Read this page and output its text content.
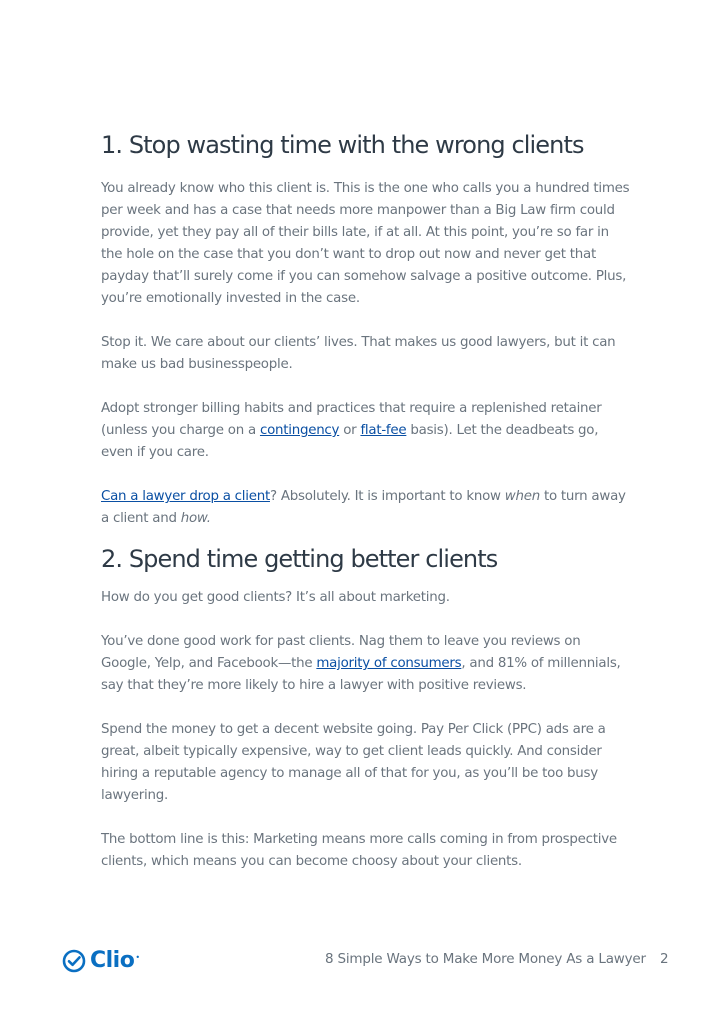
1. Stop wasting time with the wrong clients

You already know who this client is. This is the one who calls you a hundred times per week and has a case that needs more manpower than a Big Law firm could provide, yet they pay all of their bills late, if at all. At this point, you’re so far in the hole on the case that you don’t want to drop out now and never get that payday that’ll surely come if you can somehow salvage a positive outcome. Plus, you’re emotionally invested in the case.

Stop it. We care about our clients’ lives. That makes us good lawyers, but it can make us bad businesspeople.

Adopt stronger billing habits and practices that require a replenished retainer (unless you charge on a contingency or flat-fee basis). Let the deadbeats go, even if you care.

Can a lawyer drop a client? Absolutely. It is important to know when to turn away a client and how.

2. Spend time getting better clients

How do you get good clients? It’s all about marketing.

You’ve done good work for past clients. Nag them to leave you reviews on Google, Yelp, and Facebook—the majority of consumers, and 81% of millennials, say that they’re more likely to hire a lawyer with positive reviews.

Spend the money to get a decent website going. Pay Per Click (PPC) ads are a great, albeit typically expensive, way to get client leads quickly. And consider hiring a reputable agency to manage all of that for you, as you’ll be too busy lawyering.

The bottom line is this: Marketing means more calls coming in from prospective clients, which means you can become choosy about your clients.

Clio •	8 Simple Ways to Make More Money As a Lawyer 2
